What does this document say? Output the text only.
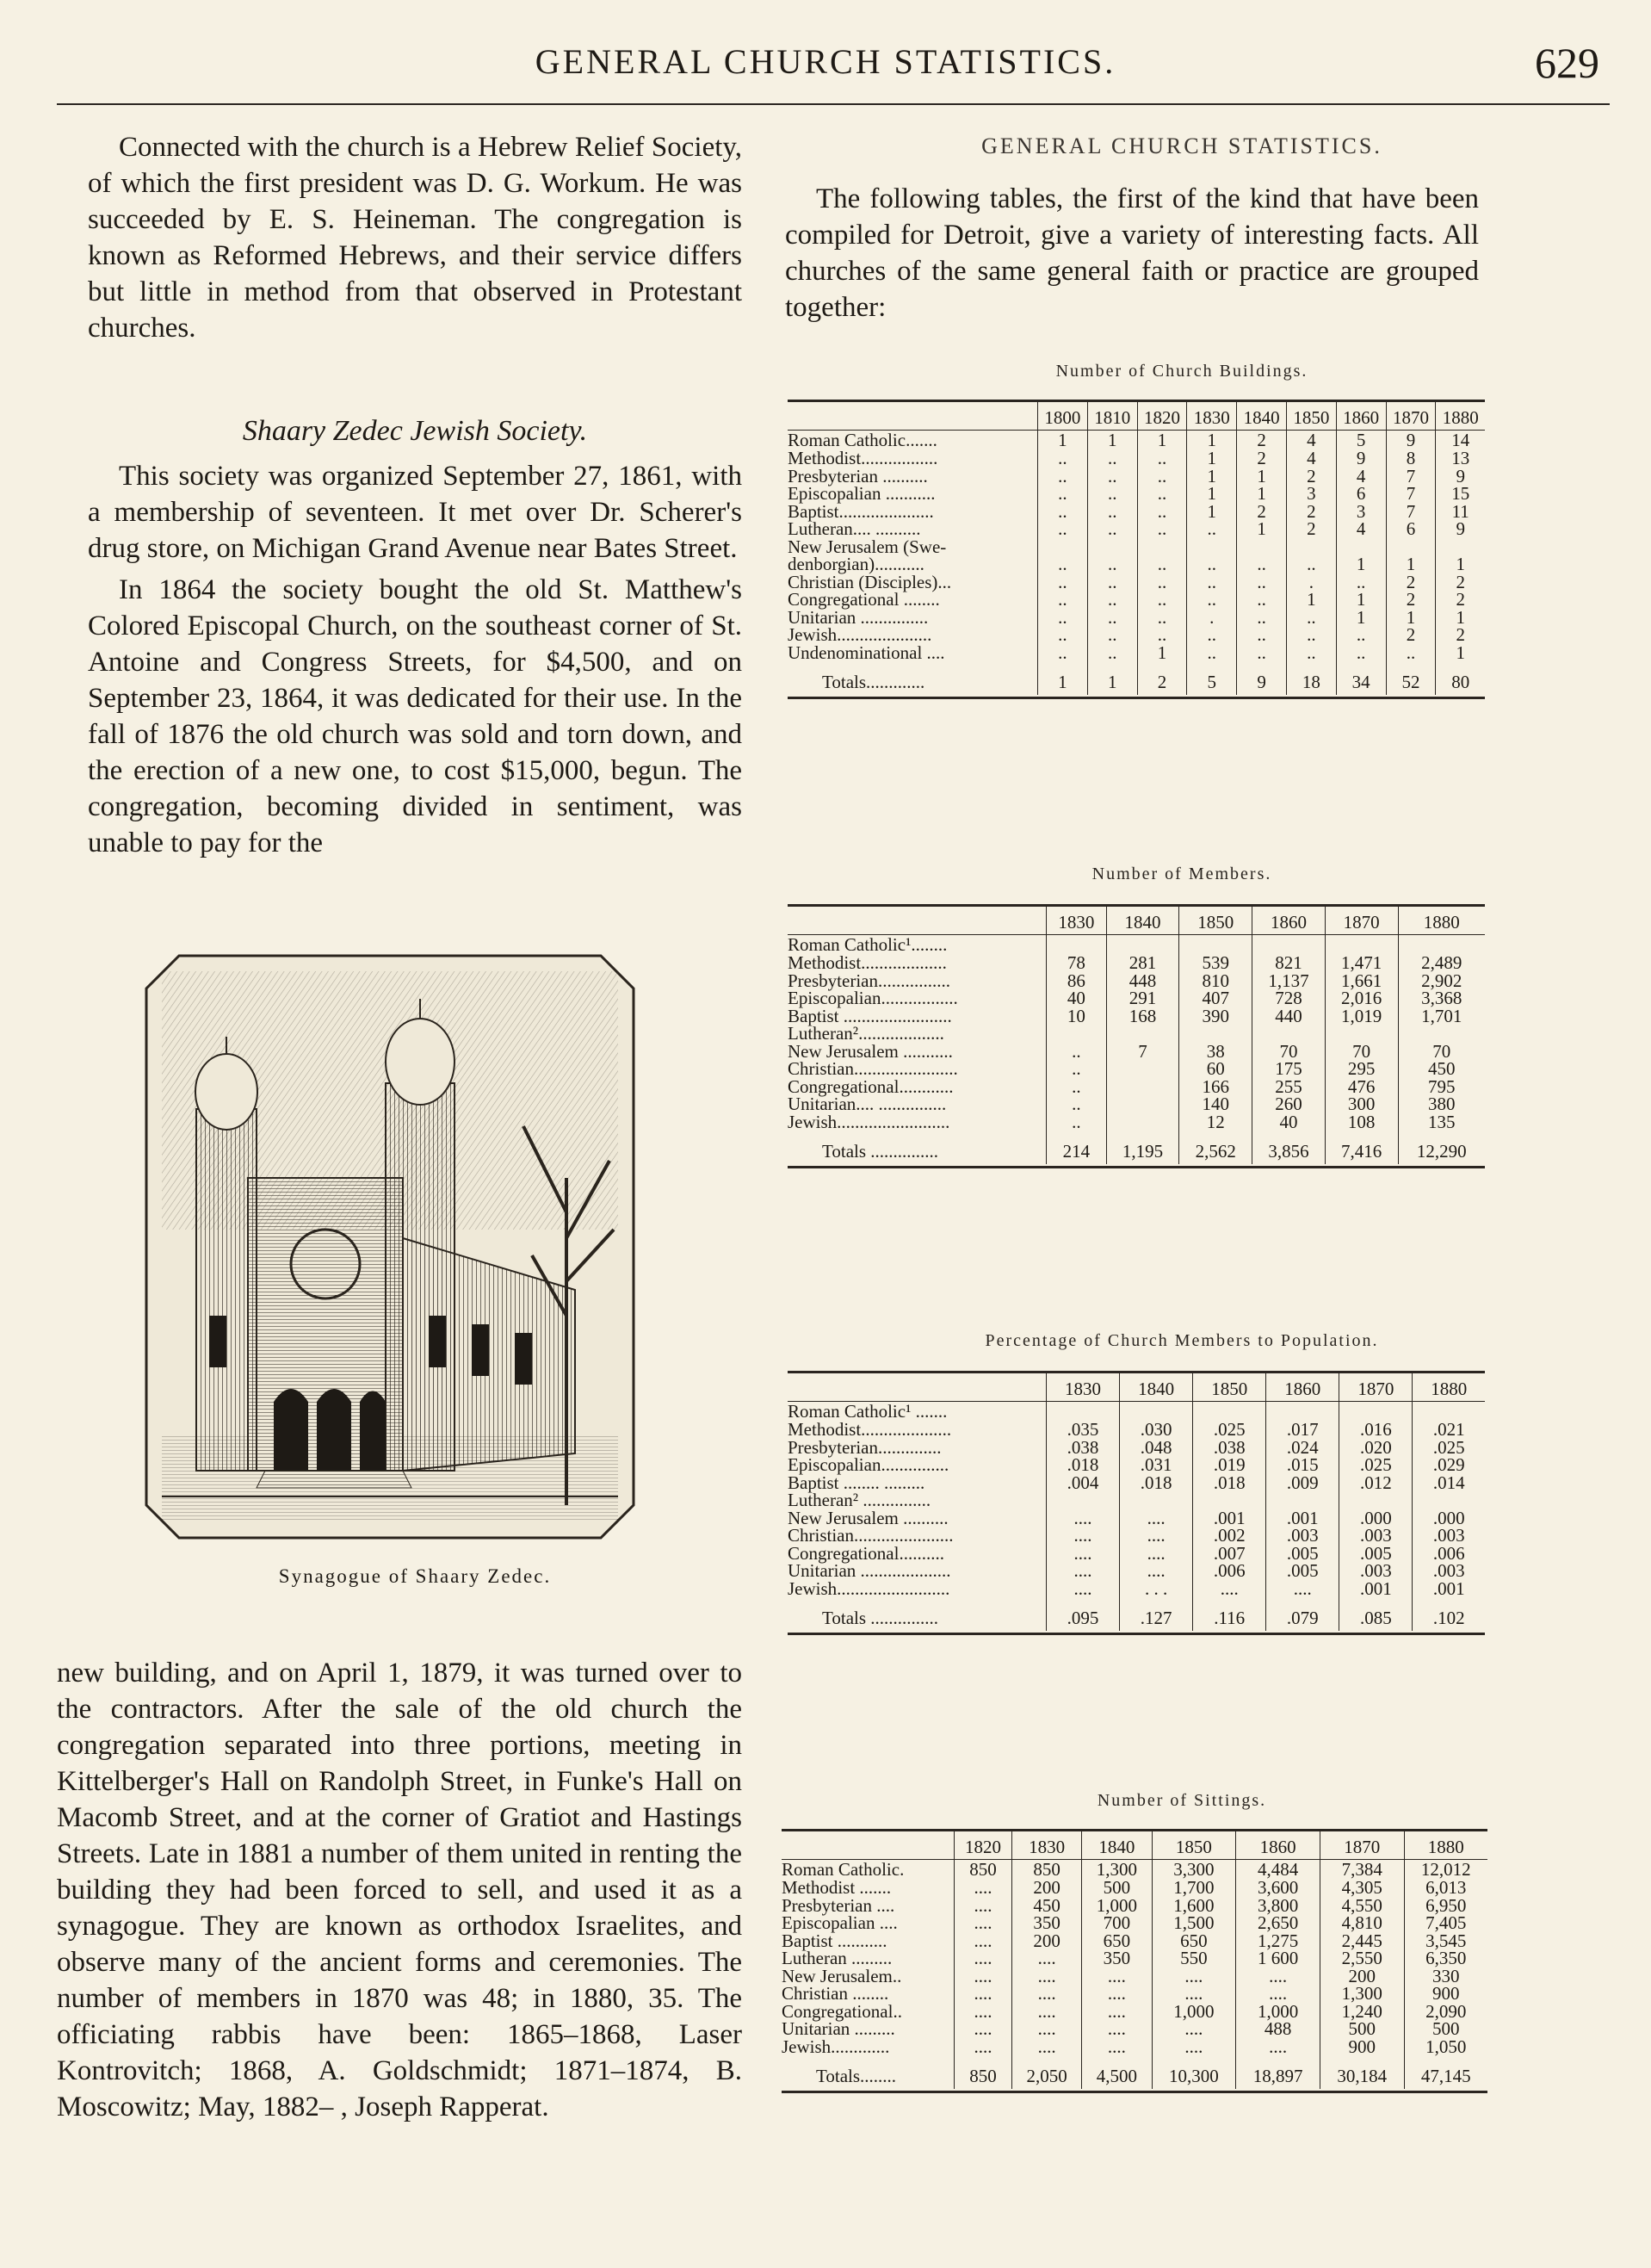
GENERAL CHURCH STATISTICS.	629

Connected with the church is a Hebrew Relief Society, of which the first president was D. G. Workum. He was succeeded by E. S. Heineman. The congregation is known as Reformed Hebrews, and their service differs but little in method from that observed in Protestant churches.

Shaary Zedec Jewish Society.

This society was organized September 27, 1861, with a membership of seventeen. It met over Dr. Scherer's drug store, on Michigan Grand Avenue near Bates Street.

In 1864 the society bought the old St. Matthew's Colored Episcopal Church, on the southeast corner of St. Antoine and Congress Streets, for $4,500, and on September 23, 1864, it was dedicated for their use. In the fall of 1876 the old church was sold and torn down, and the erection of a new one, to cost $15,000, begun. The congregation, becoming divided in sentiment, was unable to pay for the

Synagogue of Shaary Zedec.

new building, and on April 1, 1879, it was turned over to the contractors. After the sale of the old church the congregation separated into three portions, meeting in Kittelberger's Hall on Randolph Street, in Funke's Hall on Macomb Street, and at the corner of Gratiot and Hastings Streets. Late in 1881 a number of them united in renting the building they had been forced to sell, and used it as a synagogue. They are known as orthodox Israelites, and observe many of the ancient forms and ceremonies. The number of members in 1870 was 48; in 1880, 35. The officiating rabbis have been: 1865–1868, Laser Kontrovitch; 1868, A. Goldschmidt; 1871–1874, B. Moscowitz; May, 1882– , Joseph Rapperat.

GENERAL CHURCH STATISTICS.

The following tables, the first of the kind that have been compiled for Detroit, give a variety of interesting facts. All churches of the same general faith or practice are grouped together:

Number of Church Buildings.
	1800	1810	1820	1830	1840	1850	1860	1870	1880
Roman Catholic.......	1	1	1	1	2	4	5	9	14
Methodist.................	..	..	..	1	2	4	9	8	13
Presbyterian ..........	..	..	..	1	1	2	4	7	9
Episcopalian ...........	..	..	..	1	1	3	6	7	15
Baptist.....................	..	..	..	1	2	2	3	7	11
Lutheran.... ..........	..	..	..	..	1	2	4	6	9
New Jerusalem (Swe-									
denborgian)...........	..	..	..	..	..	..	1	1	1
Christian (Disciples)...	..	..	..	..	..	.	..	2	2
Congregational ........	..	..	..	..	..	1	1	2	2
Unitarian ...............	..	..	..	.	..	..	1	1	1
Jewish.....................	..	..	..	..	..	..	..	2	2
Undenominational ....	..	..	1	..	..	..	..	..	1
Totals.............	1	1	2	5	9	18	34	52	80
Number of Members.
	1830	1840	1850	1860	1870	1880
Roman Catholic¹........						
Methodist...................	78	281	539	821	1,471	2,489
Presbyterian................	86	448	810	1,137	1,661	2,902
Episcopalian.................	40	291	407	728	2,016	3,368
Baptist ........................	10	168	390	440	1,019	1,701
Lutheran²...................						
New Jerusalem ...........	..	7	38	70	70	70
Christian.......................	..		60	175	295	450
Congregational............	..		166	255	476	795
Unitarian.... ...............	..		140	260	300	380
Jewish.........................	..		12	40	108	135
Totals ...............	214	1,195	2,562	3,856	7,416	12,290
Percentage of Church Members to Population.
	1830	1840	1850	1860	1870	1880
Roman Catholic¹ .......						
Methodist....................	.035	.030	.025	.017	.016	.021
Presbyterian..............	.038	.048	.038	.024	.020	.025
Episcopalian...............	.018	.031	.019	.015	.025	.029
Baptist ........ .........	.004	.018	.018	.009	.012	.014
Lutheran² ...............						
New Jerusalem ..........	....	....	.001	.001	.000	.000
Christian......................	....	....	.002	.003	.003	.003
Congregational..........	....	....	.007	.005	.005	.006
Unitarian ....................	....	....	.006	.005	.003	.003
Jewish.........................	....	. . .	....	....	.001	.001
Totals ...............	.095	.127	.116	.079	.085	.102
Number of Sittings.
	1820	1830	1840	1850	1860	1870	1880
Roman Catholic.	850	850	1,300	3,300	4,484	7,384	12,012
Methodist .......	....	200	500	1,700	3,600	4,305	6,013
Presbyterian ....	....	450	1,000	1,600	3,800	4,550	6,950
Episcopalian ....	....	350	700	1,500	2,650	4,810	7,405
Baptist ...........	....	200	650	650	1,275	2,445	3,545
Lutheran .........	....	....	350	550	1 600	2,550	6,350
New Jerusalem..	....	....	....	....	....	200	330
Christian ........	....	....	....	....	....	1,300	900
Congregational..	....	....	....	1,000	1,000	1,240	2,090
Unitarian .........	....	....	....	....	488	500	500
Jewish.............	....	....	....	....	....	900	1,050
Totals........	850	2,050	4,500	10,300	18,897	30,184	47,145
